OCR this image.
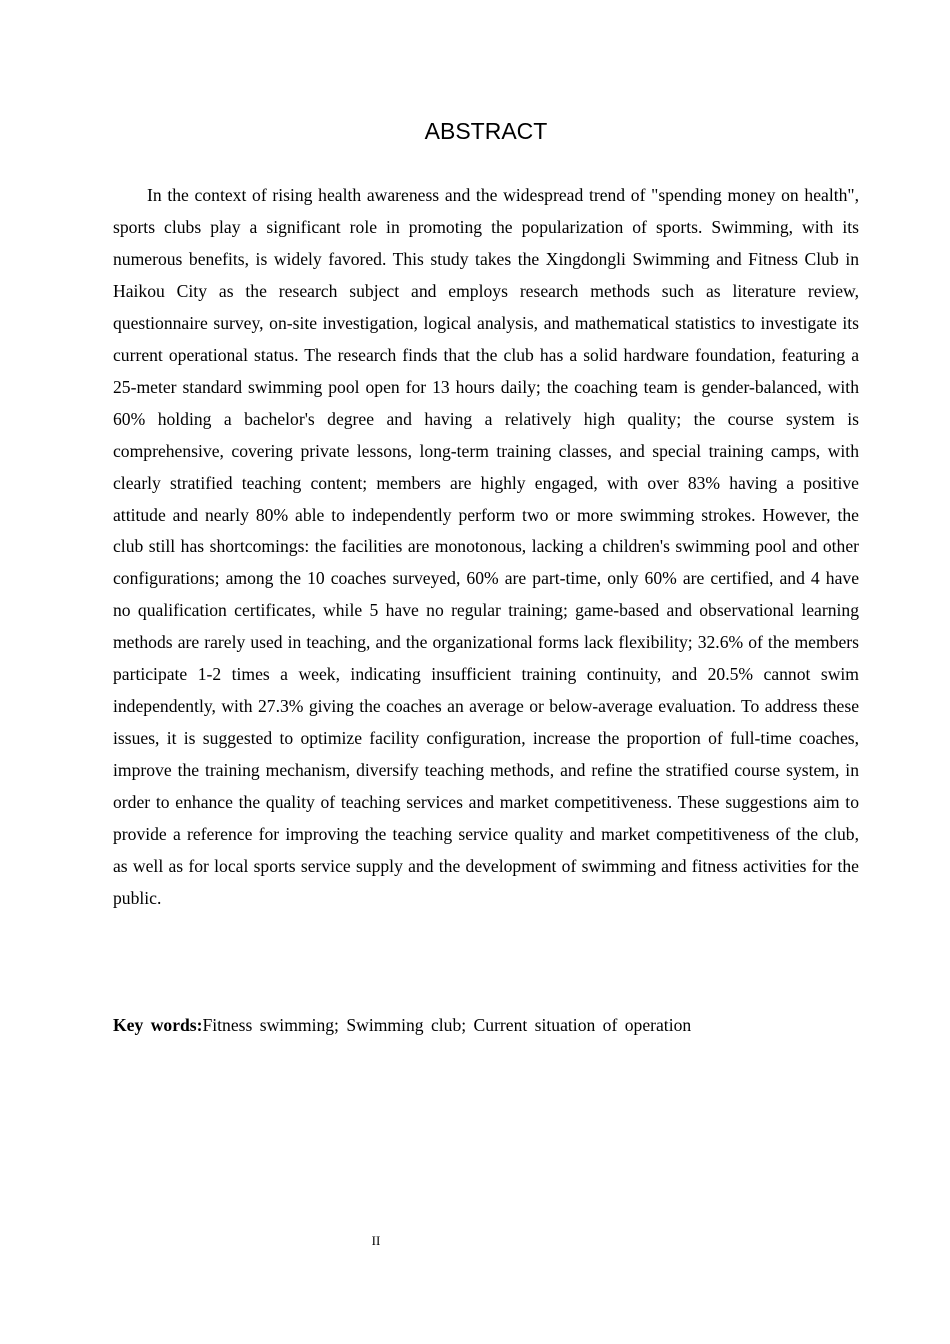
ABSTRACT

In the context of rising health awareness and the widespread trend of "spending money on health", sports clubs play a significant role in promoting the popularization of sports. Swimming, with its numerous benefits, is widely favored. This study takes the Xingdongli Swimming and Fitness Club in Haikou City as the research subject and employs research methods such as literature review, questionnaire survey, on-site investigation, logical analysis, and mathematical statistics to investigate its current operational status. The research finds that the club has a solid hardware foundation, featuring a 25-meter standard swimming pool open for 13 hours daily; the coaching team is gender-balanced, with 60% holding a bachelor's degree and having a relatively high quality; the course system is comprehensive, covering private lessons, long-term training classes, and special training camps, with clearly stratified teaching content; members are highly engaged, with over 83% having a positive attitude and nearly 80% able to independently perform two or more swimming strokes. However, the club still has shortcomings: the facilities are monotonous, lacking a children's swimming pool and other configurations; among the 10 coaches surveyed, 60% are part-time, only 60% are certified, and 4 have no qualification certificates, while 5 have no regular training; game-based and observational learning methods are rarely used in teaching, and the organizational forms lack flexibility; 32.6% of the members participate 1-2 times a week, indicating insufficient training continuity, and 20.5% cannot swim independently, with 27.3% giving the coaches an average or below-average evaluation. To address these issues, it is suggested to optimize facility configuration, increase the proportion of full-time coaches, improve the training mechanism, diversify teaching methods, and refine the stratified course system, in order to enhance the quality of teaching services and market competitiveness. These suggestions aim to provide a reference for improving the teaching service quality and market competitiveness of the club, as well as for local sports service supply and the development of swimming and fitness activities for the public.

Key words:Fitness swimming; Swimming club; Current situation of operation

II
